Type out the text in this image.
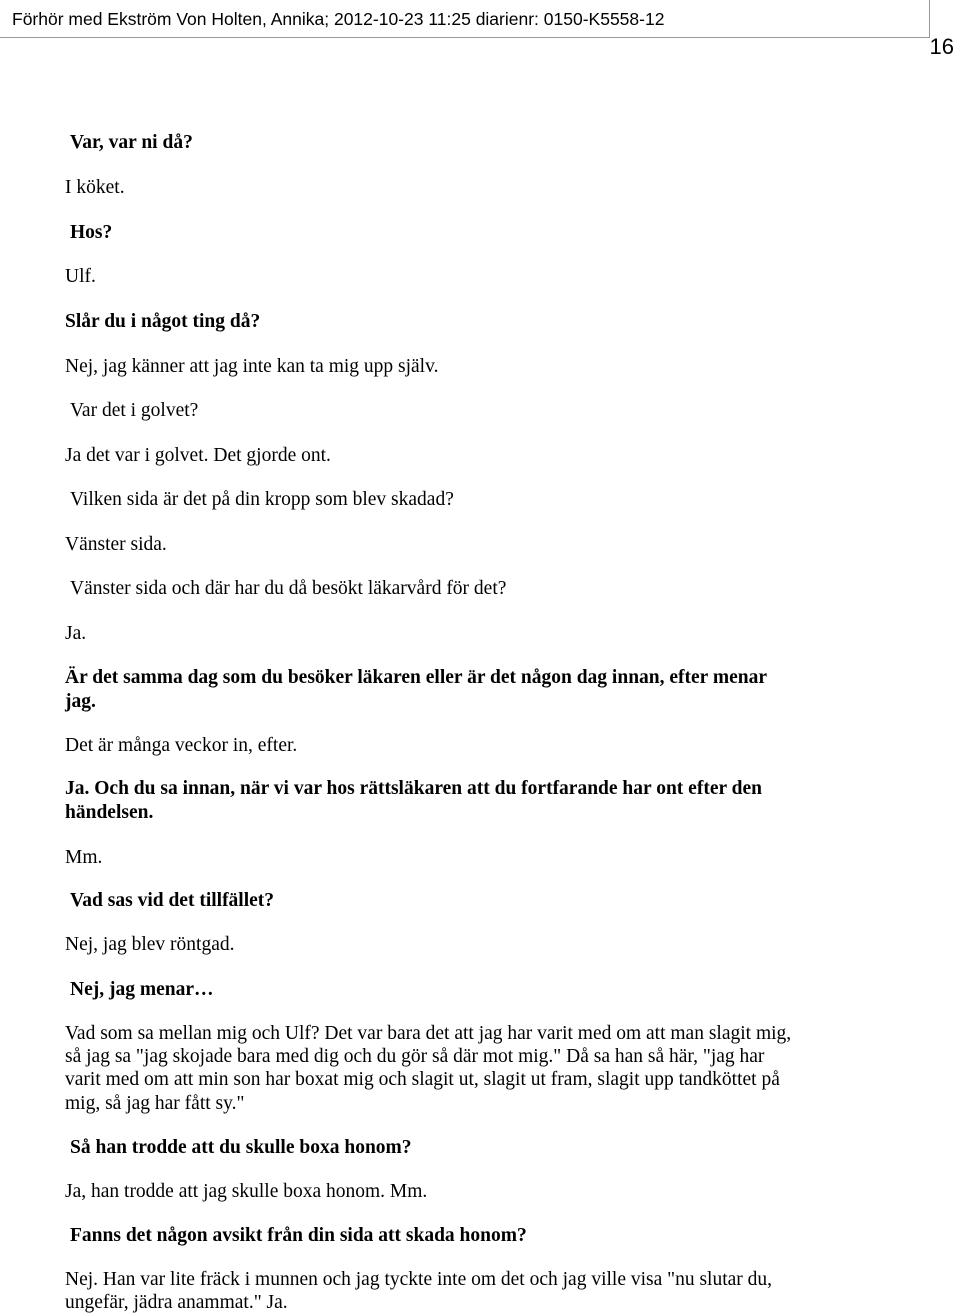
Förhör med Ekström Von Holten, Annika; 2012-10-23 11:25 diarienr: 0150-K5558-12
16

Var, var ni då?

I köket.

Hos?

Ulf.

Slår du i något ting då?

Nej, jag känner att jag inte kan ta mig upp själv.

Var det i golvet?

Ja det var i golvet. Det gjorde ont.

Vilken sida är det på din kropp som blev skadad?

Vänster sida.

Vänster sida och där har du då besökt läkarvård för det?

Ja.

Är det samma dag som du besöker läkaren eller är det någon dag innan, efter menar

jag.

Det är många veckor in, efter.

Ja. Och du sa innan, när vi var hos rättsläkaren att du fortfarande har ont efter den

händelsen.

Mm.

Vad sas vid det tillfället?

Nej, jag blev röntgad.

Nej, jag menar…

Vad som sa mellan mig och Ulf? Det var bara det att jag har varit med om att man slagit mig,

så jag sa "jag skojade bara med dig och du gör så där mot mig." Då sa han så här, "jag har

varit med om att min son har boxat mig och slagit ut, slagit ut fram, slagit upp tandköttet på

mig, så jag har fått sy."

Så han trodde att du skulle boxa honom?

Ja, han trodde att jag skulle boxa honom. Mm.

Fanns det någon avsikt från din sida att skada honom?

Nej. Han var lite fräck i munnen och jag tyckte inte om det och jag ville visa "nu slutar du,

ungefär, jädra anammat." Ja.
